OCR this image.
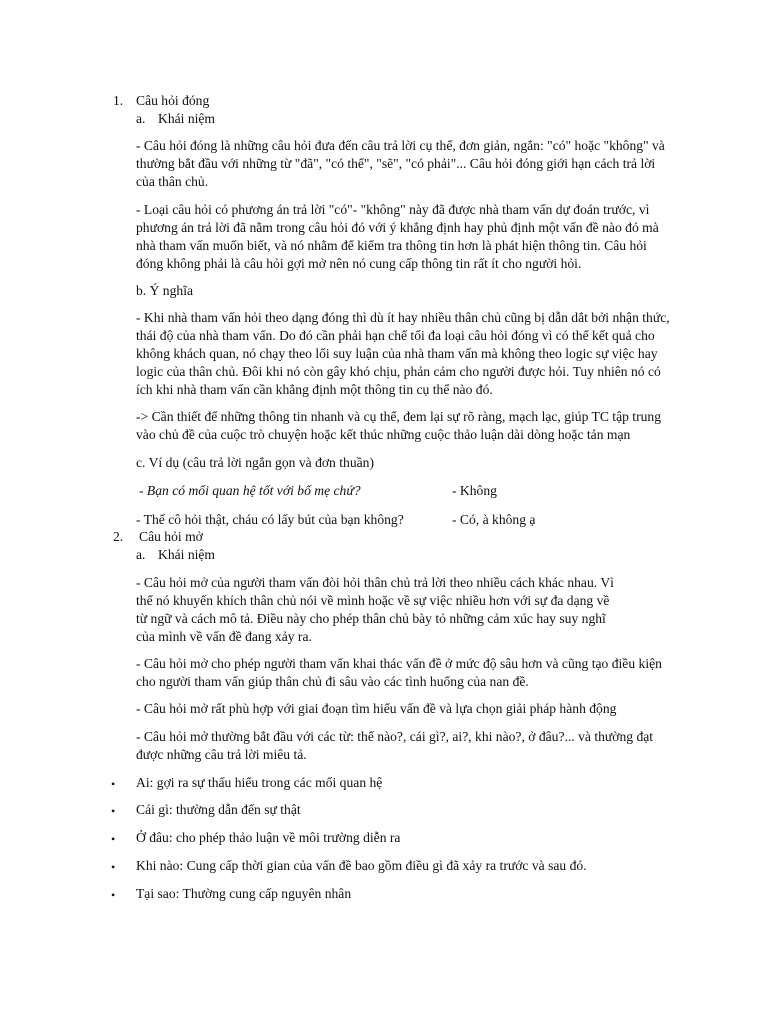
1. Câu hỏi đóng
a. Khái niệm
- Câu hỏi đóng là những câu hỏi đưa đến câu trả lời cụ thể, đơn giản, ngắn: "có" hoặc "không" và
thường bắt đầu với những từ "đã", "có thể", "sẽ", "có phải"... Câu hỏi đóng giới hạn cách trả lời
của thân chủ.
- Loại câu hỏi có phương án trả lời "có"- "không" này đã được nhà tham vấn dự đoán trước, vì
phương án trả lời đã nằm trong câu hỏi đó với ý khẳng định hay phủ định một vấn đề nào đó mà
nhà tham vấn muốn biết, và nó nhằm để kiểm tra thông tin hơn là phát hiện thông tin. Câu hỏi
đóng không phải là câu hỏi gợi mở nên nó cung cấp thông tin rất ít cho người hỏi.
b. Ý nghĩa
- Khi nhà tham vấn hỏi theo dạng đóng thì dù ít hay nhiều thân chủ cũng bị dẫn dắt bởi nhận thức,
thái độ của nhà tham vấn. Do đó cần phải hạn chế tối đa loại câu hỏi đóng vì có thể kết quả cho
không khách quan, nó chạy theo lối suy luận của nhà tham vấn mà không theo logic sự việc hay
logic của thân chủ. Đôi khi nó còn gây khó chịu, phản cảm cho người được hỏi. Tuy nhiên nó có
ích khi nhà tham vấn cần khẳng định một thông tin cụ thể nào đó.
-> Cần thiết để những thông tin nhanh và cụ thể, đem lại sự rõ ràng, mạch lạc, giúp TC tập trung
vào chủ đề của cuộc trò chuyện hoặc kết thúc những cuộc thảo luận dài dòng hoặc tản mạn
c. Ví dụ (câu trả lời ngắn gọn và đơn thuần)
- Bạn có mối quan hệ tốt với bố mẹ chứ?	- Không
- Thế cô hỏi thật, cháu có lấy bút của bạn không?	- Có, à không ạ
2. Câu hỏi mở
a. Khái niệm
- Câu hỏi mở của người tham vấn đòi hỏi thân chủ trả lời theo nhiều cách khác nhau. Vì
thế nó khuyến khích thân chủ nói về mình hoặc về sự việc nhiều hơn với sự đa dạng về
từ ngữ và cách mô tả. Điều này cho phép thân chủ bày tỏ những cảm xúc hay suy nghĩ
của mình về vấn đề đang xảy ra.
- Câu hỏi mở cho phép người tham vấn khai thác vấn đề ở mức độ sâu hơn và cũng tạo điều kiện
cho người tham vấn giúp thân chủ đi sâu vào các tình huống của nan đề.
- Câu hỏi mở rất phù hợp với giai đoạn tìm hiểu vấn đề và lựa chọn giải pháp hành động
- Câu hỏi mở thường bắt đầu với các từ: thế nào?, cái gì?, ai?, khi nào?, ở đâu?... và thường đạt
được những câu trả lời miêu tả.
• Ai: gợi ra sự thấu hiểu trong các mối quan hệ
• Cái gì: thường dẫn đến sự thật
• Ở đâu: cho phép thảo luận về môi trường diễn ra
• Khi nào: Cung cấp thời gian của vấn đề bao gồm điều gì đã xảy ra trước và sau đó.
• Tại sao: Thường cung cấp nguyên nhân
